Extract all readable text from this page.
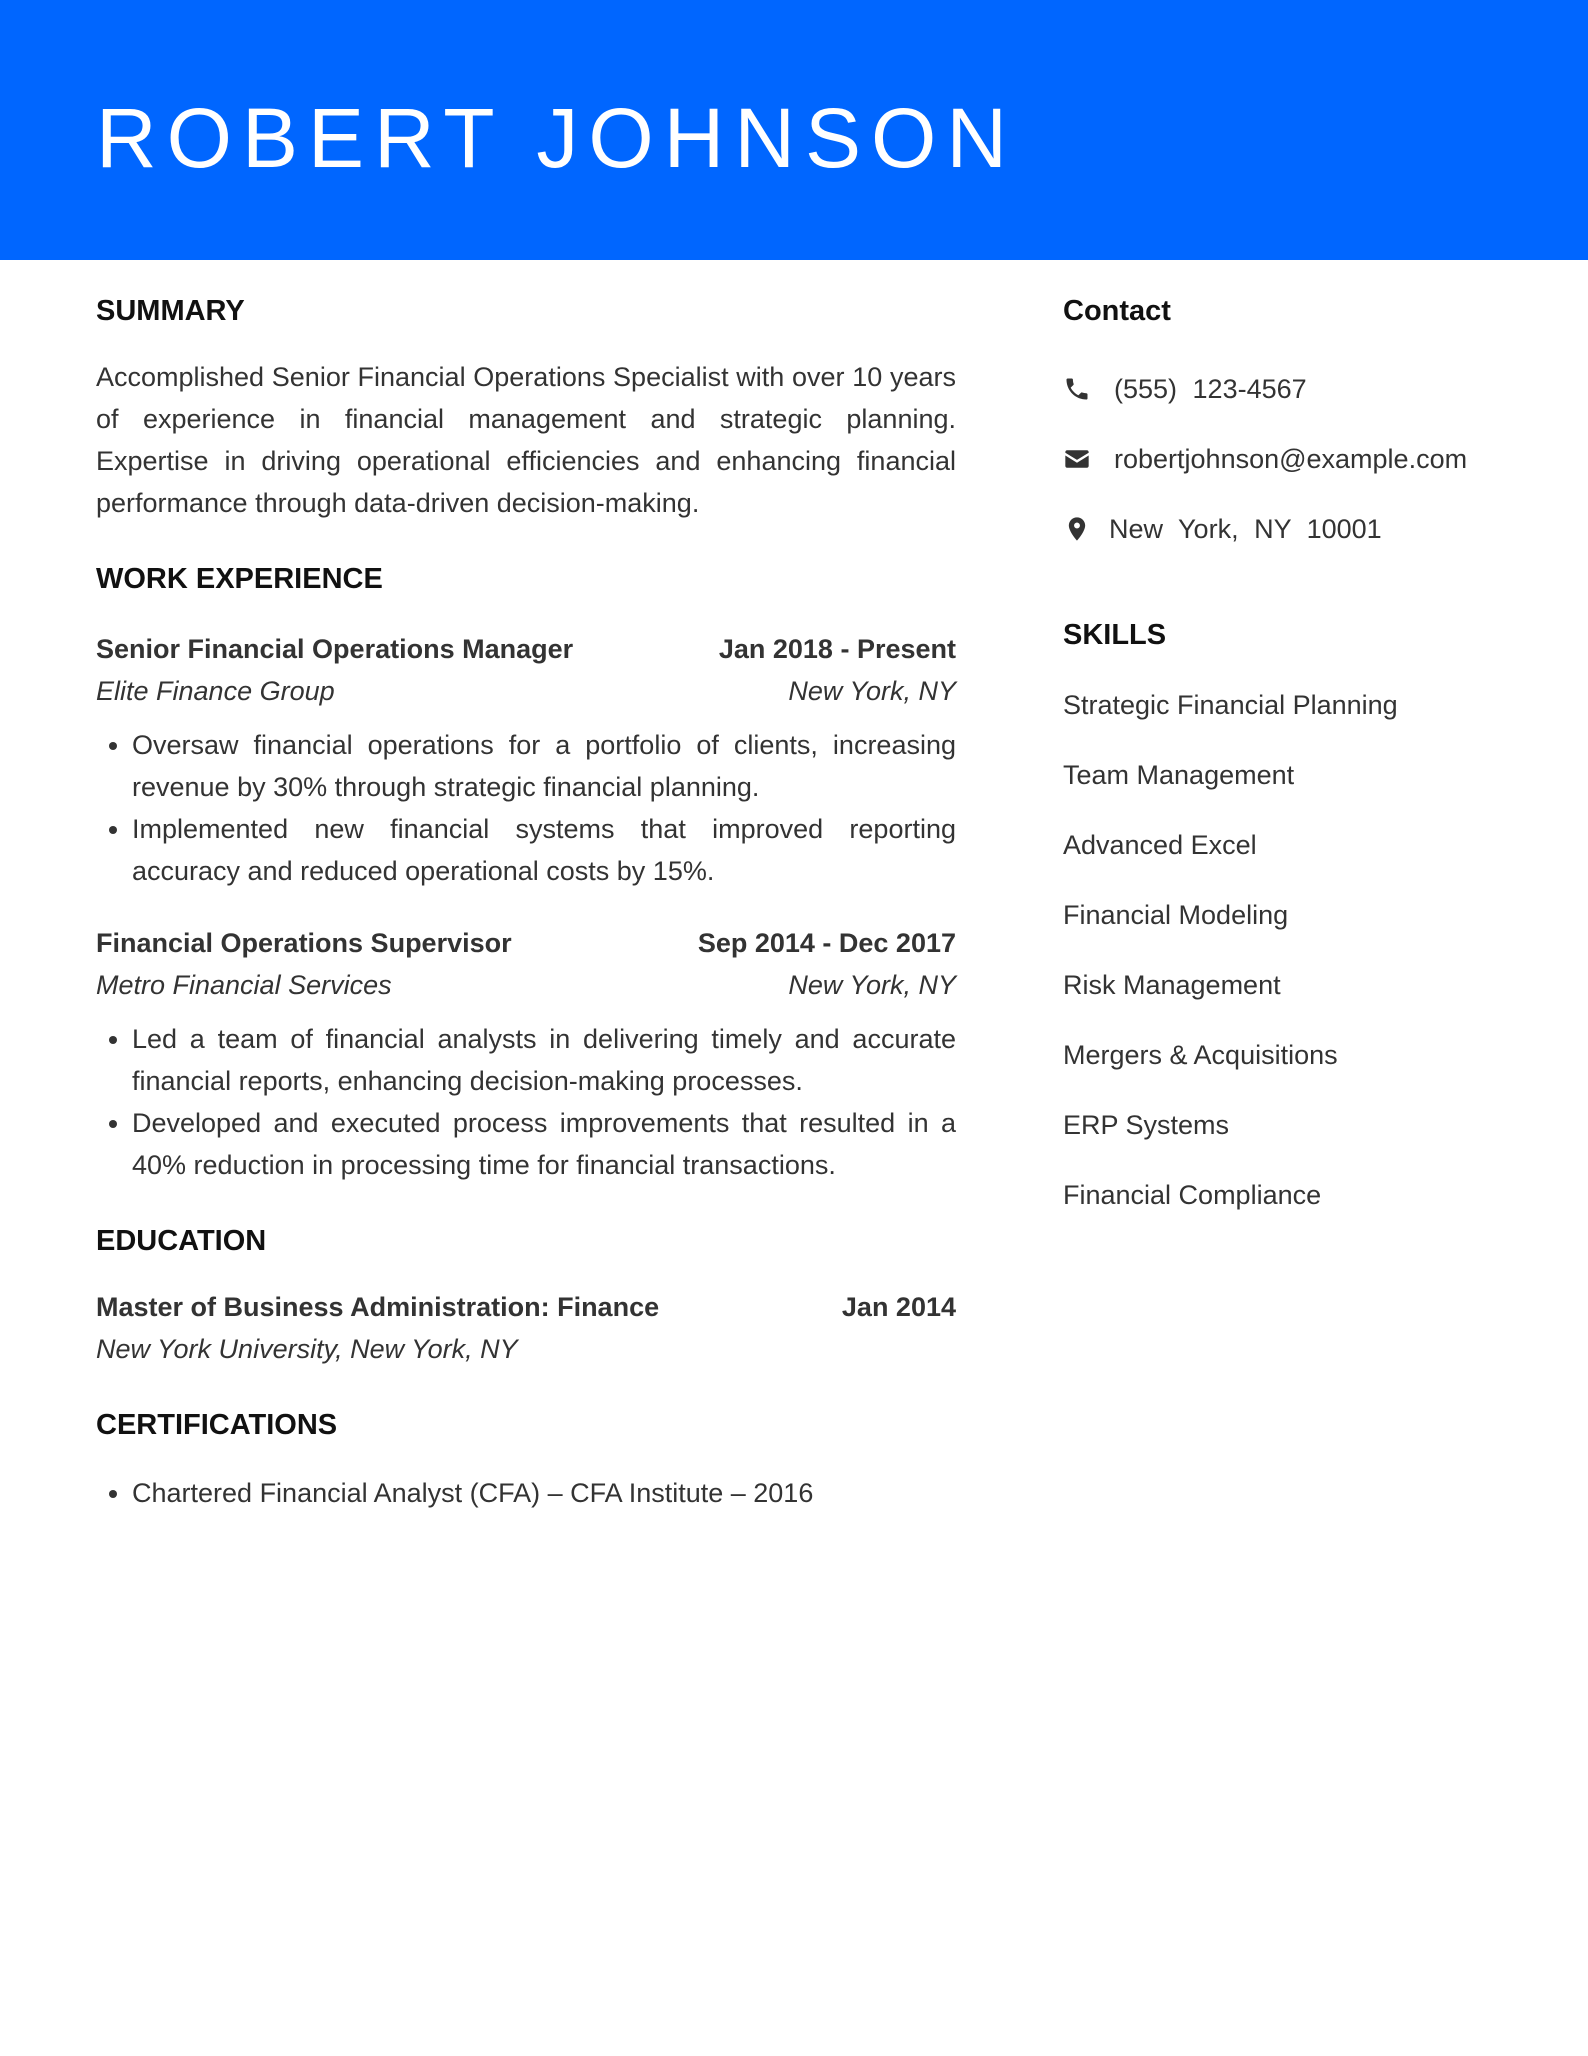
ROBERT JOHNSON
SUMMARY

Accomplished Senior Financial Operations Specialist with over 10 years of experience in financial management and strategic planning. Expertise in driving operational efficiencies and enhancing financial performance through data-driven decision-making.

WORK EXPERIENCE
Senior Financial Operations Manager	Jan 2018 - Present
Elite Finance Group	New York, NY
• Oversaw financial operations for a portfolio of clients, increasing revenue by 30% through strategic financial planning.
• Implemented new financial systems that improved reporting accuracy and reduced operational costs by 15%.
Financial Operations Supervisor	Sep 2014 - Dec 2017
Metro Financial Services	New York, NY
• Led a team of financial analysts in delivering timely and accurate financial reports, enhancing decision-making processes.
• Developed and executed process improvements that resulted in a 40% reduction in processing time for financial transactions.
EDUCATION
Master of Business Administration: Finance	Jan 2014
New York University, New York, NY
CERTIFICATIONS
• Chartered Financial Analyst (CFA) – CFA Institute – 2016
Contact
(555) 123-4567
robertjohnson@example.com
New York, NY 10001
SKILLS
Strategic Financial Planning
Team Management
Advanced Excel
Financial Modeling
Risk Management
Mergers & Acquisitions
ERP Systems
Financial Compliance
